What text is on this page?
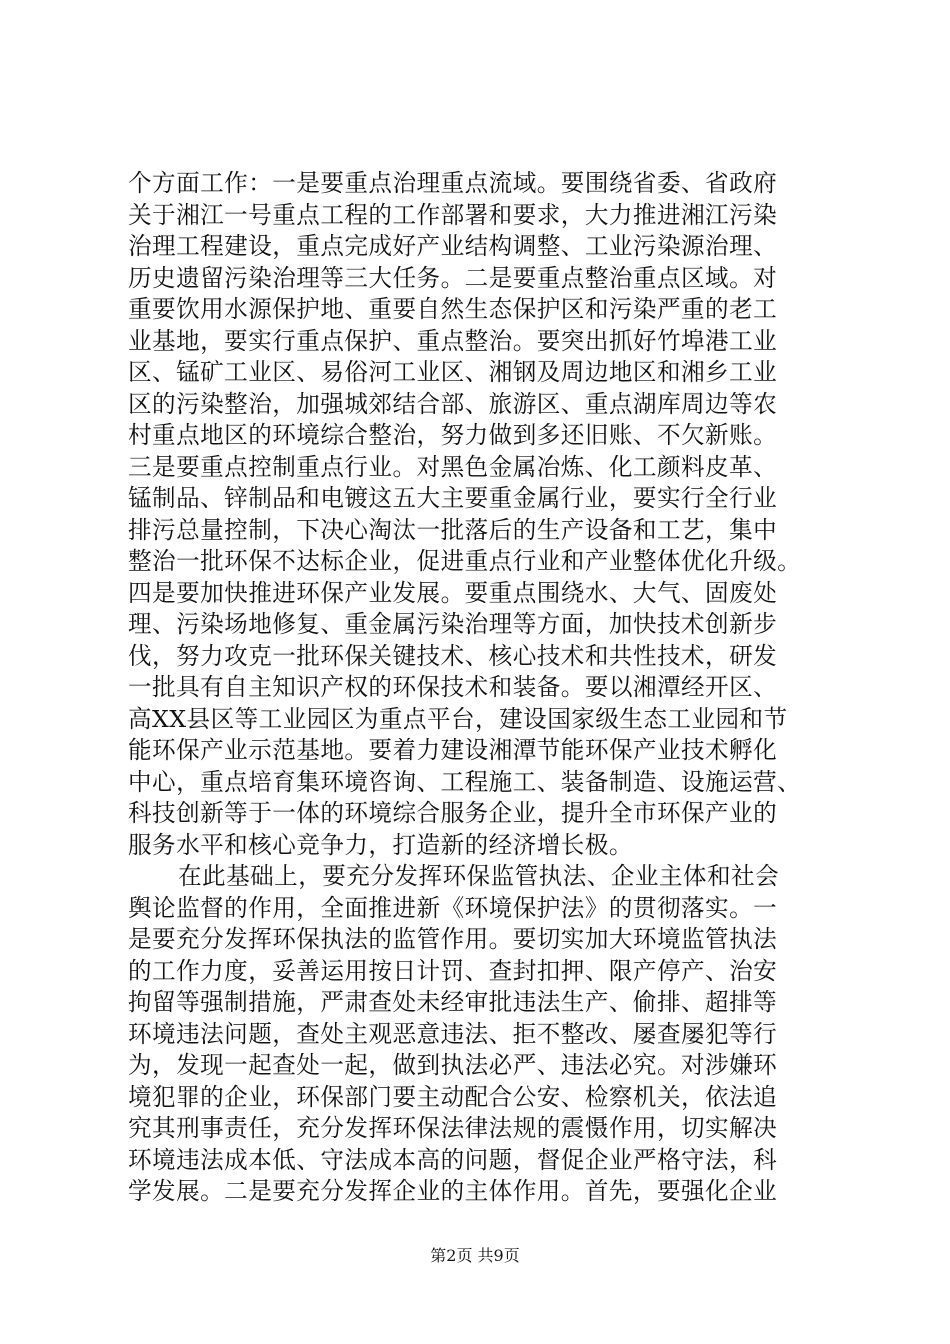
个方面工作：一是要重点治理重点流域。要围绕省委、省政府
关于湘江一号重点工程的工作部署和要求，大力推进湘江污染
治理工程建设，重点完成好产业结构调整、工业污染源治理、
历史遗留污染治理等三大任务。二是要重点整治重点区域。对
重要饮用水源保护地、重要自然生态保护区和污染严重的老工
业基地，要实行重点保护、重点整治。要突出抓好竹埠港工业
区、锰矿工业区、易俗河工业区、湘钢及周边地区和湘乡工业
区的污染整治，加强城郊结合部、旅游区、重点湖库周边等农
村重点地区的环境综合整治，努力做到多还旧账、不欠新账。
三是要重点控制重点行业。对黑色金属冶炼、化工颜料皮革、
锰制品、锌制品和电镀这五大主要重金属行业，要实行全行业
排污总量控制，下决心淘汰一批落后的生产设备和工艺，集中
整治一批环保不达标企业，促进重点行业和产业整体优化升级。
四是要加快推进环保产业发展。要重点围绕水、大气、固废处
理、污染场地修复、重金属污染治理等方面，加快技术创新步
伐，努力攻克一批环保关键技术、核心技术和共性技术，研发
一批具有自主知识产权的环保技术和装备。要以湘潭经开区、
高XX县区等工业园区为重点平台，建设国家级生态工业园和节
能环保产业示范基地。要着力建设湘潭节能环保产业技术孵化
中心，重点培育集环境咨询、工程施工、装备制造、设施运营、
科技创新等于一体的环境综合服务企业，提升全市环保产业的
服务水平和核心竞争力，打造新的经济增长极。
在此基础上，要充分发挥环保监管执法、企业主体和社会
舆论监督的作用，全面推进新《环境保护法》的贯彻落实。一
是要充分发挥环保执法的监管作用。要切实加大环境监管执法
的工作力度，妥善运用按日计罚、查封扣押、限产停产、治安
拘留等强制措施，严肃查处未经审批违法生产、偷排、超排等
环境违法问题，查处主观恶意违法、拒不整改、屡查屡犯等行
为，发现一起查处一起，做到执法必严、违法必究。对涉嫌环
境犯罪的企业，环保部门要主动配合公安、检察机关，依法追
究其刑事责任，充分发挥环保法律法规的震慑作用，切实解决
环境违法成本低、守法成本高的问题，督促企业严格守法，科
学发展。二是要充分发挥企业的主体作用。首先，要强化企业
第2页 共9页
